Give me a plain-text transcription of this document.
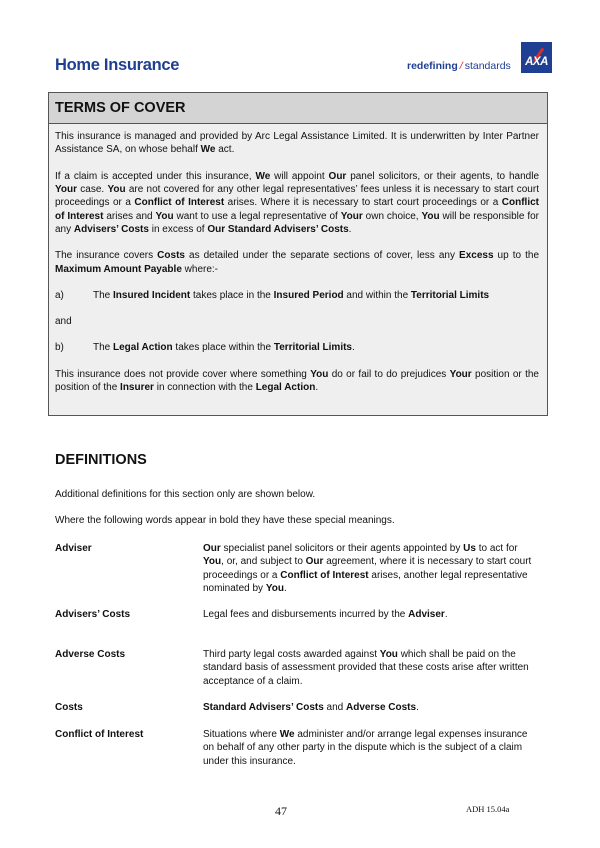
Home Insurance	redefining / standards	AXA
TERMS OF COVER

This insurance is managed and provided by Arc Legal Assistance Limited. It is underwritten by Inter Partner Assistance SA, on whose behalf We act.

If a claim is accepted under this insurance, We will appoint Our panel solicitors, or their agents, to handle Your case. You are not covered for any other legal representatives’ fees unless it is necessary to start court proceedings or a Conflict of Interest arises. Where it is necessary to start court proceedings or a Conflict of Interest arises and You want to use a legal representative of Your own choice, You will be responsible for any Advisers’ Costs in excess of Our Standard Advisers’ Costs.

The insurance covers Costs as detailed under the separate sections of cover, less any Excess up to the Maximum Amount Payable where:-

a)	The Insured Incident takes place in the Insured Period and within the Territorial Limits

and

b)	The Legal Action takes place within the Territorial Limits.

This insurance does not provide cover where something You do or fail to do prejudices Your position or the position of the Insurer in connection with the Legal Action.

DEFINITIONS

Additional definitions for this section only are shown below.

Where the following words appear in bold they have these special meanings.

Adviser	Our specialist panel solicitors or their agents appointed by Us to act for You, or, and subject to Our agreement, where it is necessary to start court proceedings or a Conflict of Interest arises, another legal representative nominated by You.
Advisers’ Costs	Legal fees and disbursements incurred by the Adviser.
Adverse Costs	Third party legal costs awarded against You which shall be paid on the standard basis of assessment provided that these costs arise after written acceptance of a claim.
Costs	Standard Advisers’ Costs and Adverse Costs.
Conflict of Interest	Situations where We administer and/or arrange legal expenses insurance on behalf of any other party in the dispute which is the subject of a claim under this insurance.
47	ADH 15.04a
